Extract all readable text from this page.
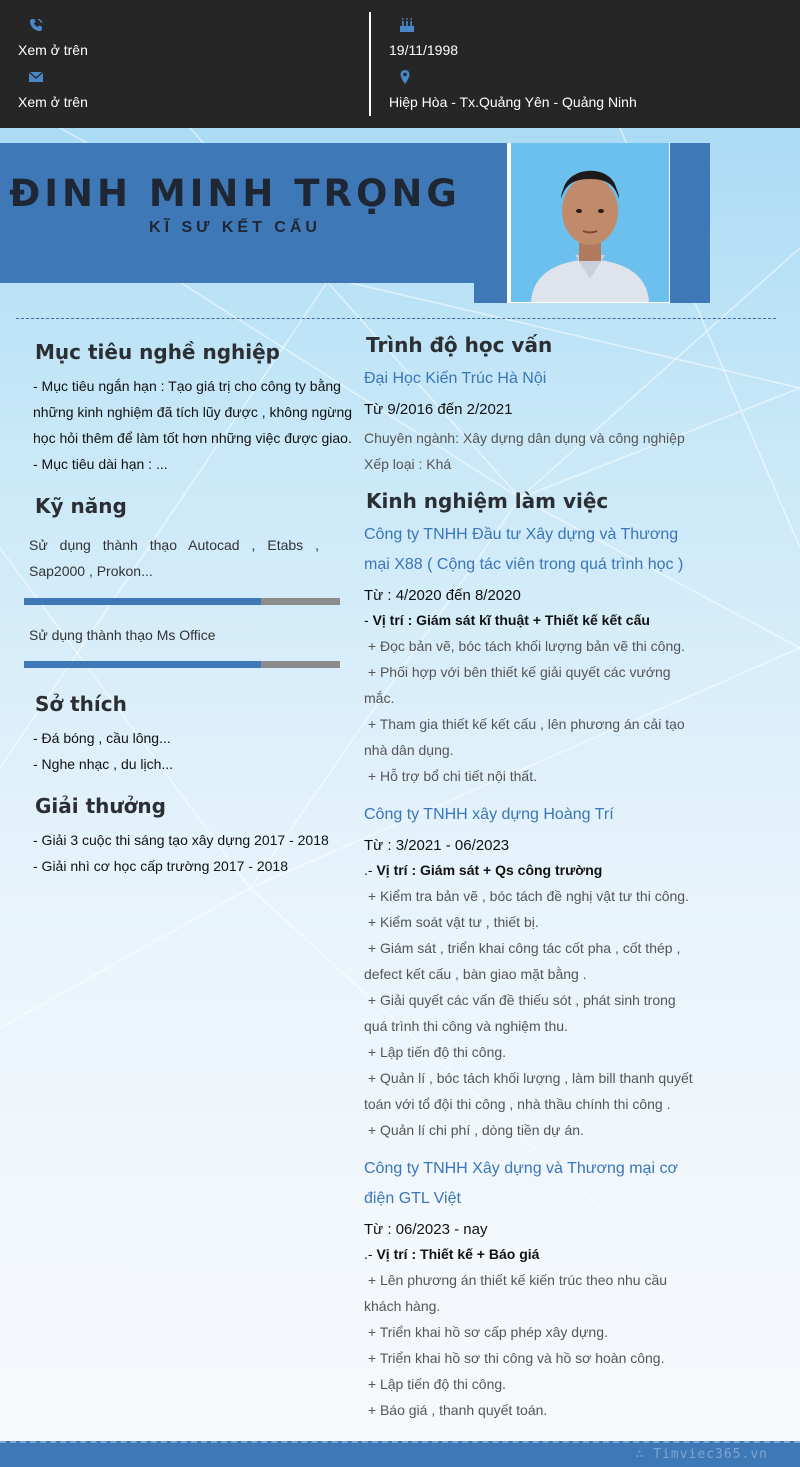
Xem ở trên
Xem ở trên
19/11/1998
Hiệp Hòa - Tx.Quảng Yên - Quảng Ninh
ĐINH MINH TRỌNG
KĨ SƯ KẾT CẤU
Mục tiêu nghề nghiệp
- Mục tiêu ngắn hạn : Tạo giá trị cho công ty bằng
những kinh nghiệm đã tích lũy được , không ngừng
học hỏi thêm để làm tốt hơn những việc được giao.
- Mục tiêu dài hạn : ...
Kỹ năng
Sử dụng thành thạo Autocad , Etabs ,
Sap2000 , Prokon...
Sử dụng thành thạo Ms Office
Sở thích
- Đá bóng , cầu lông...
- Nghe nhạc , du lịch...
Giải thưởng
- Giải 3 cuộc thi sáng tạo xây dựng 2017 - 2018
- Giải nhì cơ học cấp trường 2017 - 2018
Trình độ học vấn
Đại Học Kiến Trúc Hà Nội
Từ 9/2016 đến 2/2021
Chuyên ngành: Xây dựng dân dụng và công nghiệp
Xếp loại : Khá
Kinh nghiệm làm việc
Công ty TNHH Đầu tư Xây dựng và Thương
mại X88 ( Cộng tác viên trong quá trình học )
Từ : 4/2020 đến 8/2020
- Vị trí : Giám sát kĩ thuật + Thiết kế kết cấu
+ Đọc bản vẽ, bóc tách khối lượng bản vẽ thi công.
+ Phối hợp với bên thiết kế giải quyết các vướng
mắc.
+ Tham gia thiết kế kết cấu , lên phương án cải tạo
nhà dân dụng.
+ Hỗ trợ bổ chi tiết nội thất.
Công ty TNHH xây dựng Hoàng Trí
Từ : 3/2021 - 06/2023
.- Vị trí : Giám sát + Qs công trường
+ Kiểm tra bản vẽ , bóc tách đề nghị vật tư thi công.
+ Kiểm soát vật tư , thiết bị.
+ Giám sát , triển khai công tác cốt pha , cốt thép ,
defect kết cấu , bàn giao mặt bằng .
+ Giải quyết các vấn đề thiếu sót , phát sinh trong
quá trình thi công và nghiệm thu.
+ Lập tiến độ thi công.
+ Quản lí , bóc tách khối lượng , làm bill thanh quyết
toán với tổ đội thi công , nhà thầu chính thi công .
+ Quản lí chi phí , dòng tiền dự án.
Công ty TNHH Xây dựng và Thương mại cơ
điện GTL Việt
Từ : 06/2023 - nay
.- Vị trí : Thiết kế + Báo giá
+ Lên phương án thiết kế kiến trúc theo nhu cầu
khách hàng.
+ Triển khai hồ sơ cấp phép xây dựng.
+ Triển khai hồ sơ thi công và hồ sơ hoàn công.
+ Lập tiến độ thi công.
+ Báo giá , thanh quyết toán.
∴ Timviec365.vn
